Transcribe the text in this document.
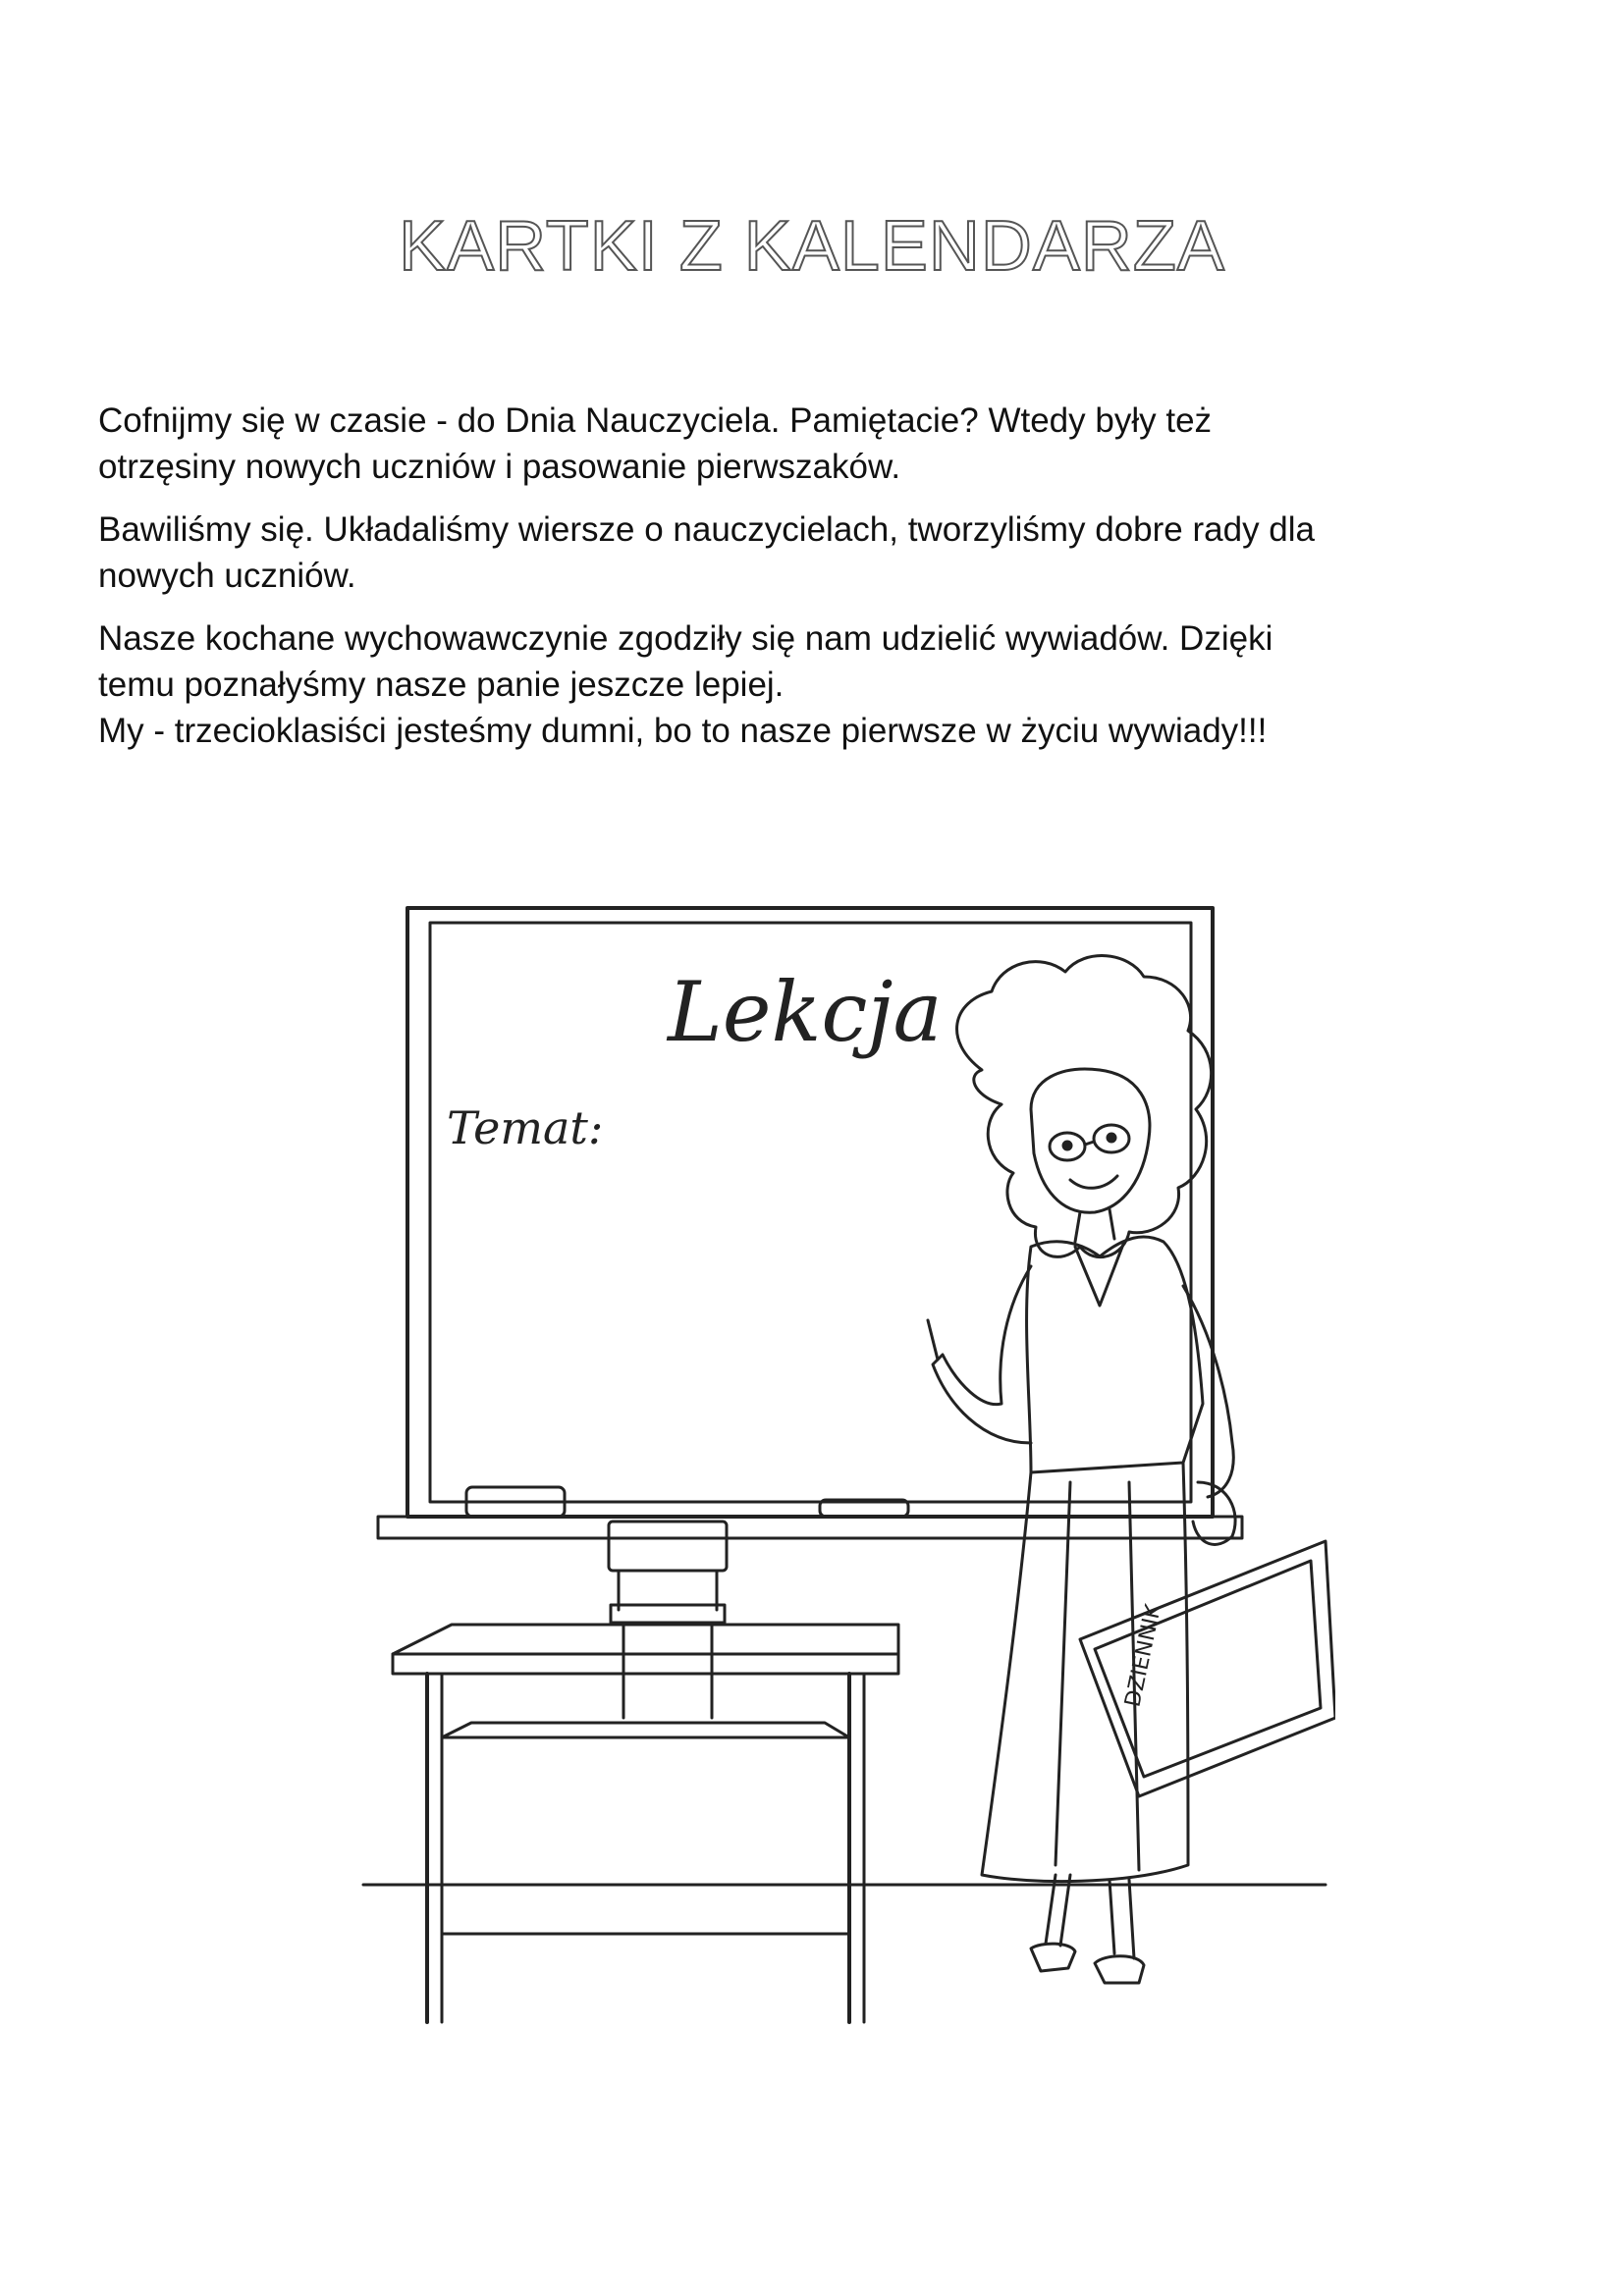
KARTKI Z KALENDARZA

Cofnijmy się w czasie - do Dnia Nauczyciela. Pamiętacie? Wtedy były też
otrzęsiny nowych uczniów i pasowanie pierwszaków.

Bawiliśmy się. Układaliśmy wiersze o nauczycielach, tworzyliśmy dobre rady dla
nowych uczniów.

Nasze kochane wychowawczynie zgodziły się nam udzielić wywiadów. Dzięki
temu poznałyśmy nasze panie jeszcze lepiej.
My - trzecioklasiści jesteśmy dumni, bo to nasze pierwsze w życiu wywiady!!!

Lekcja
Temat:
DZIENNIK
